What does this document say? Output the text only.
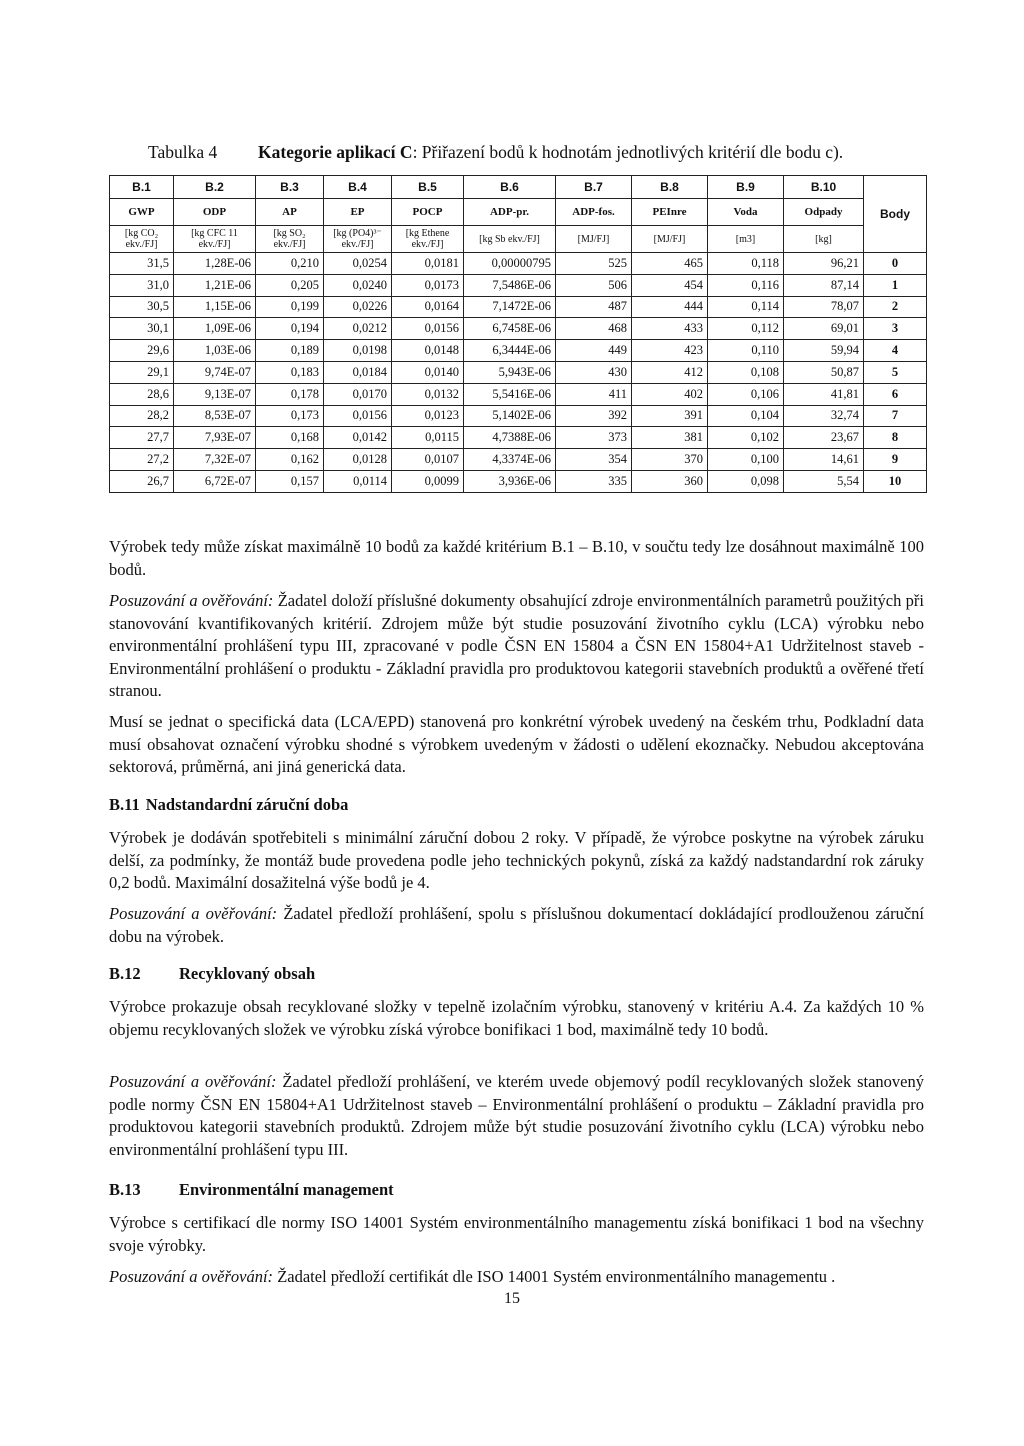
Tabulka 4 Kategorie aplikací C: Přiřazení bodů k hodnotám jednotlivých kritérií dle bodu c).
B.1	B.2	B.3	B.4	B.5	B.6	B.7	B.8	B.9	B.10	Body
GWP	ODP	AP	EP	POCP	ADP-pr.	ADP-fos.	PEInre	Voda	Odpady	
[kg CO₂ ekv./FJ]	[kg CFC 11 ekv./FJ]	[kg SO₂ ekv./FJ]	[kg (PO4)³⁻ ekv./FJ]	[kg Ethene ekv./FJ]	[kg Sb ekv./FJ]	[MJ/FJ]	[MJ/FJ]	[m3]	[kg]	
31,5	1,28E-06	0,210	0,0254	0,0181	0,00000795	525	465	0,118	96,21	0
31,0	1,21E-06	0,205	0,0240	0,0173	7,5486E-06	506	454	0,116	87,14	1
30,5	1,15E-06	0,199	0,0226	0,0164	7,1472E-06	487	444	0,114	78,07	2
30,1	1,09E-06	0,194	0,0212	0,0156	6,7458E-06	468	433	0,112	69,01	3
29,6	1,03E-06	0,189	0,0198	0,0148	6,3444E-06	449	423	0,110	59,94	4
29,1	9,74E-07	0,183	0,0184	0,0140	5,943E-06	430	412	0,108	50,87	5
28,6	9,13E-07	0,178	0,0170	0,0132	5,5416E-06	411	402	0,106	41,81	6
28,2	8,53E-07	0,173	0,0156	0,0123	5,1402E-06	392	391	0,104	32,74	7
27,7	7,93E-07	0,168	0,0142	0,0115	4,7388E-06	373	381	0,102	23,67	8
27,2	7,32E-07	0,162	0,0128	0,0107	4,3374E-06	354	370	0,100	14,61	9
26,7	6,72E-07	0,157	0,0114	0,0099	3,936E-06	335	360	0,098	5,54	10
Výrobek tedy může získat maximálně 10 bodů za každé kritérium B.1 – B.10, v součtu tedy lze dosáhnout maximálně 100 bodů.
Posuzování a ověřování: Žadatel doloží příslušné dokumenty obsahující zdroje environmentálních parametrů použitých při stanovování kvantifikovaných kritérií. Zdrojem může být studie posuzování životního cyklu (LCA) výrobku nebo environmentální prohlášení typu III, zpracované v podle ČSN EN 15804 a ČSN EN 15804+A1 Udržitelnost staveb - Environmentální prohlášení o produktu - Základní pravidla pro produktovou kategorii stavebních produktů a ověřené třetí stranou.
Musí se jednat o specifická data (LCA/EPD) stanovená pro konkrétní výrobek uvedený na českém trhu, Podkladní data musí obsahovat označení výrobku shodné s výrobkem uvedeným v žádosti o udělení ekoznačky. Nebudou akceptována sektorová, průměrná, ani jiná generická data.
B.11 Nadstandardní záruční doba
Výrobek je dodáván spotřebiteli s minimální záruční dobou 2 roky. V případě, že výrobce poskytne na výrobek záruku delší, za podmínky, že montáž bude provedena podle jeho technických pokynů, získá za každý nadstandardní rok záruky 0,2 bodů. Maximální dosažitelná výše bodů je 4.
Posuzování a ověřování: Žadatel předloží prohlášení, spolu s příslušnou dokumentací dokládající prodlouženou záruční dobu na výrobek.
B.12 Recyklovaný obsah
Výrobce prokazuje obsah recyklované složky v tepelně izolačním výrobku, stanovený v kritériu A.4. Za každých 10 % objemu recyklovaných složek ve výrobku získá výrobce bonifikaci 1 bod, maximálně tedy 10 bodů.
Posuzování a ověřování: Žadatel předloží prohlášení, ve kterém uvede objemový podíl recyklovaných složek stanovený podle normy ČSN EN 15804+A1 Udržitelnost staveb – Environmentální prohlášení o produktu – Základní pravidla pro produktovou kategorii stavebních produktů. Zdrojem může být studie posuzování životního cyklu (LCA) výrobku nebo environmentální prohlášení typu III.
B.13 Environmentální management
Výrobce s certifikací dle normy ISO 14001 Systém environmentálního managementu získá bonifikaci 1 bod na všechny svoje výrobky.
Posuzování a ověřování: Žadatel předloží certifikát dle ISO 14001 Systém environmentálního managementu .
15
